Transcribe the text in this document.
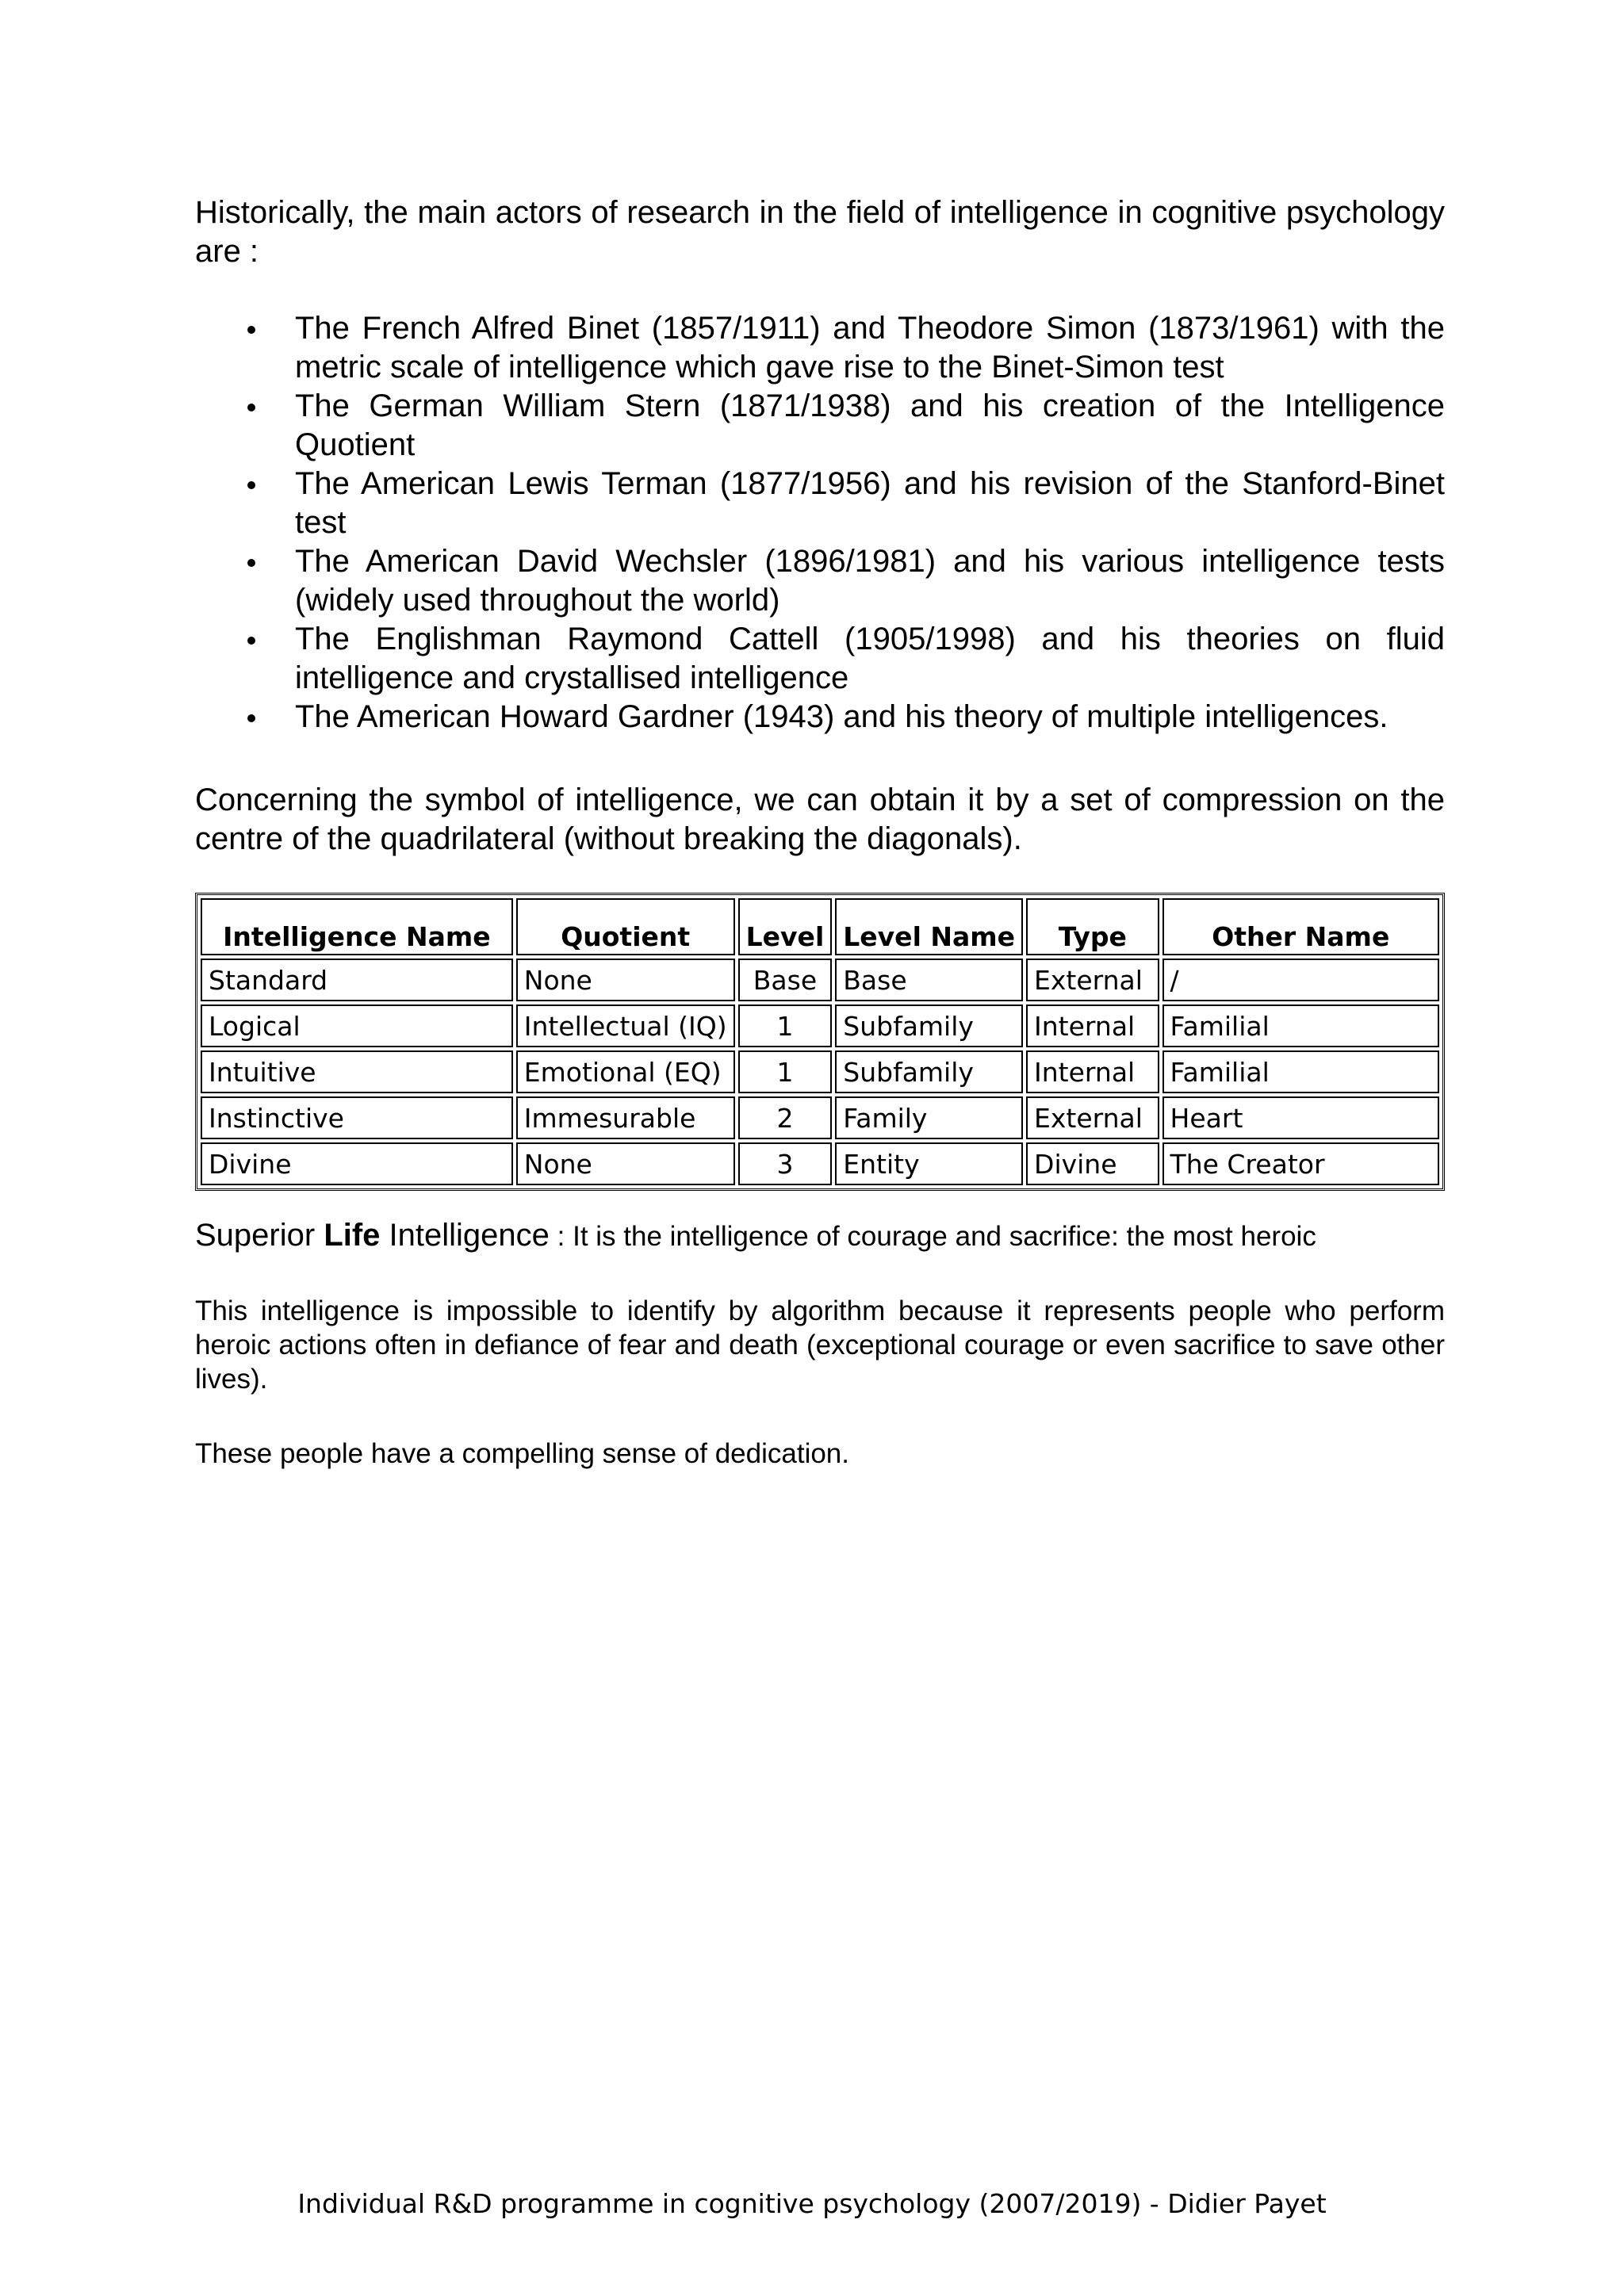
Historically, the main actors of research in the field of intelligence in cognitive psychology are :
The French Alfred Binet (1857/1911) and Theodore Simon (1873/1961) with the metric scale of intelligence which gave rise to the Binet-Simon test
The German William Stern (1871/1938) and his creation of the Intelligence Quotient
The American Lewis Terman (1877/1956) and his revision of the Stanford-Binet test
The American David Wechsler (1896/1981) and his various intelligence tests (widely used throughout the world)
The Englishman Raymond Cattell (1905/1998) and his theories on fluid intelligence and crystallised intelligence
The American Howard Gardner (1943) and his theory of multiple intelligences.
Concerning the symbol of intelligence, we can obtain it by a set of compression on the centre of the quadrilateral (without breaking the diagonals).
Intelligence Name	Quotient	Level	Level Name	Type	Other Name
Standard	None	Base	Base	External	/
Logical	Intellectual (IQ)	1	Subfamily	Internal	Familial
Intuitive	Emotional (EQ)	1	Subfamily	Internal	Familial
Instinctive	Immesurable	2	Family	External	Heart
Divine	None	3	Entity	Divine	The Creator
Superior Life Intelligence : It is the intelligence of courage and sacrifice: the most heroic
This intelligence is impossible to identify by algorithm because it represents people who perform heroic actions often in defiance of fear and death (exceptional courage or even sacrifice to save other lives).
These people have a compelling sense of dedication.
Individual R&D programme in cognitive psychology (2007/2019) - Didier Payet
